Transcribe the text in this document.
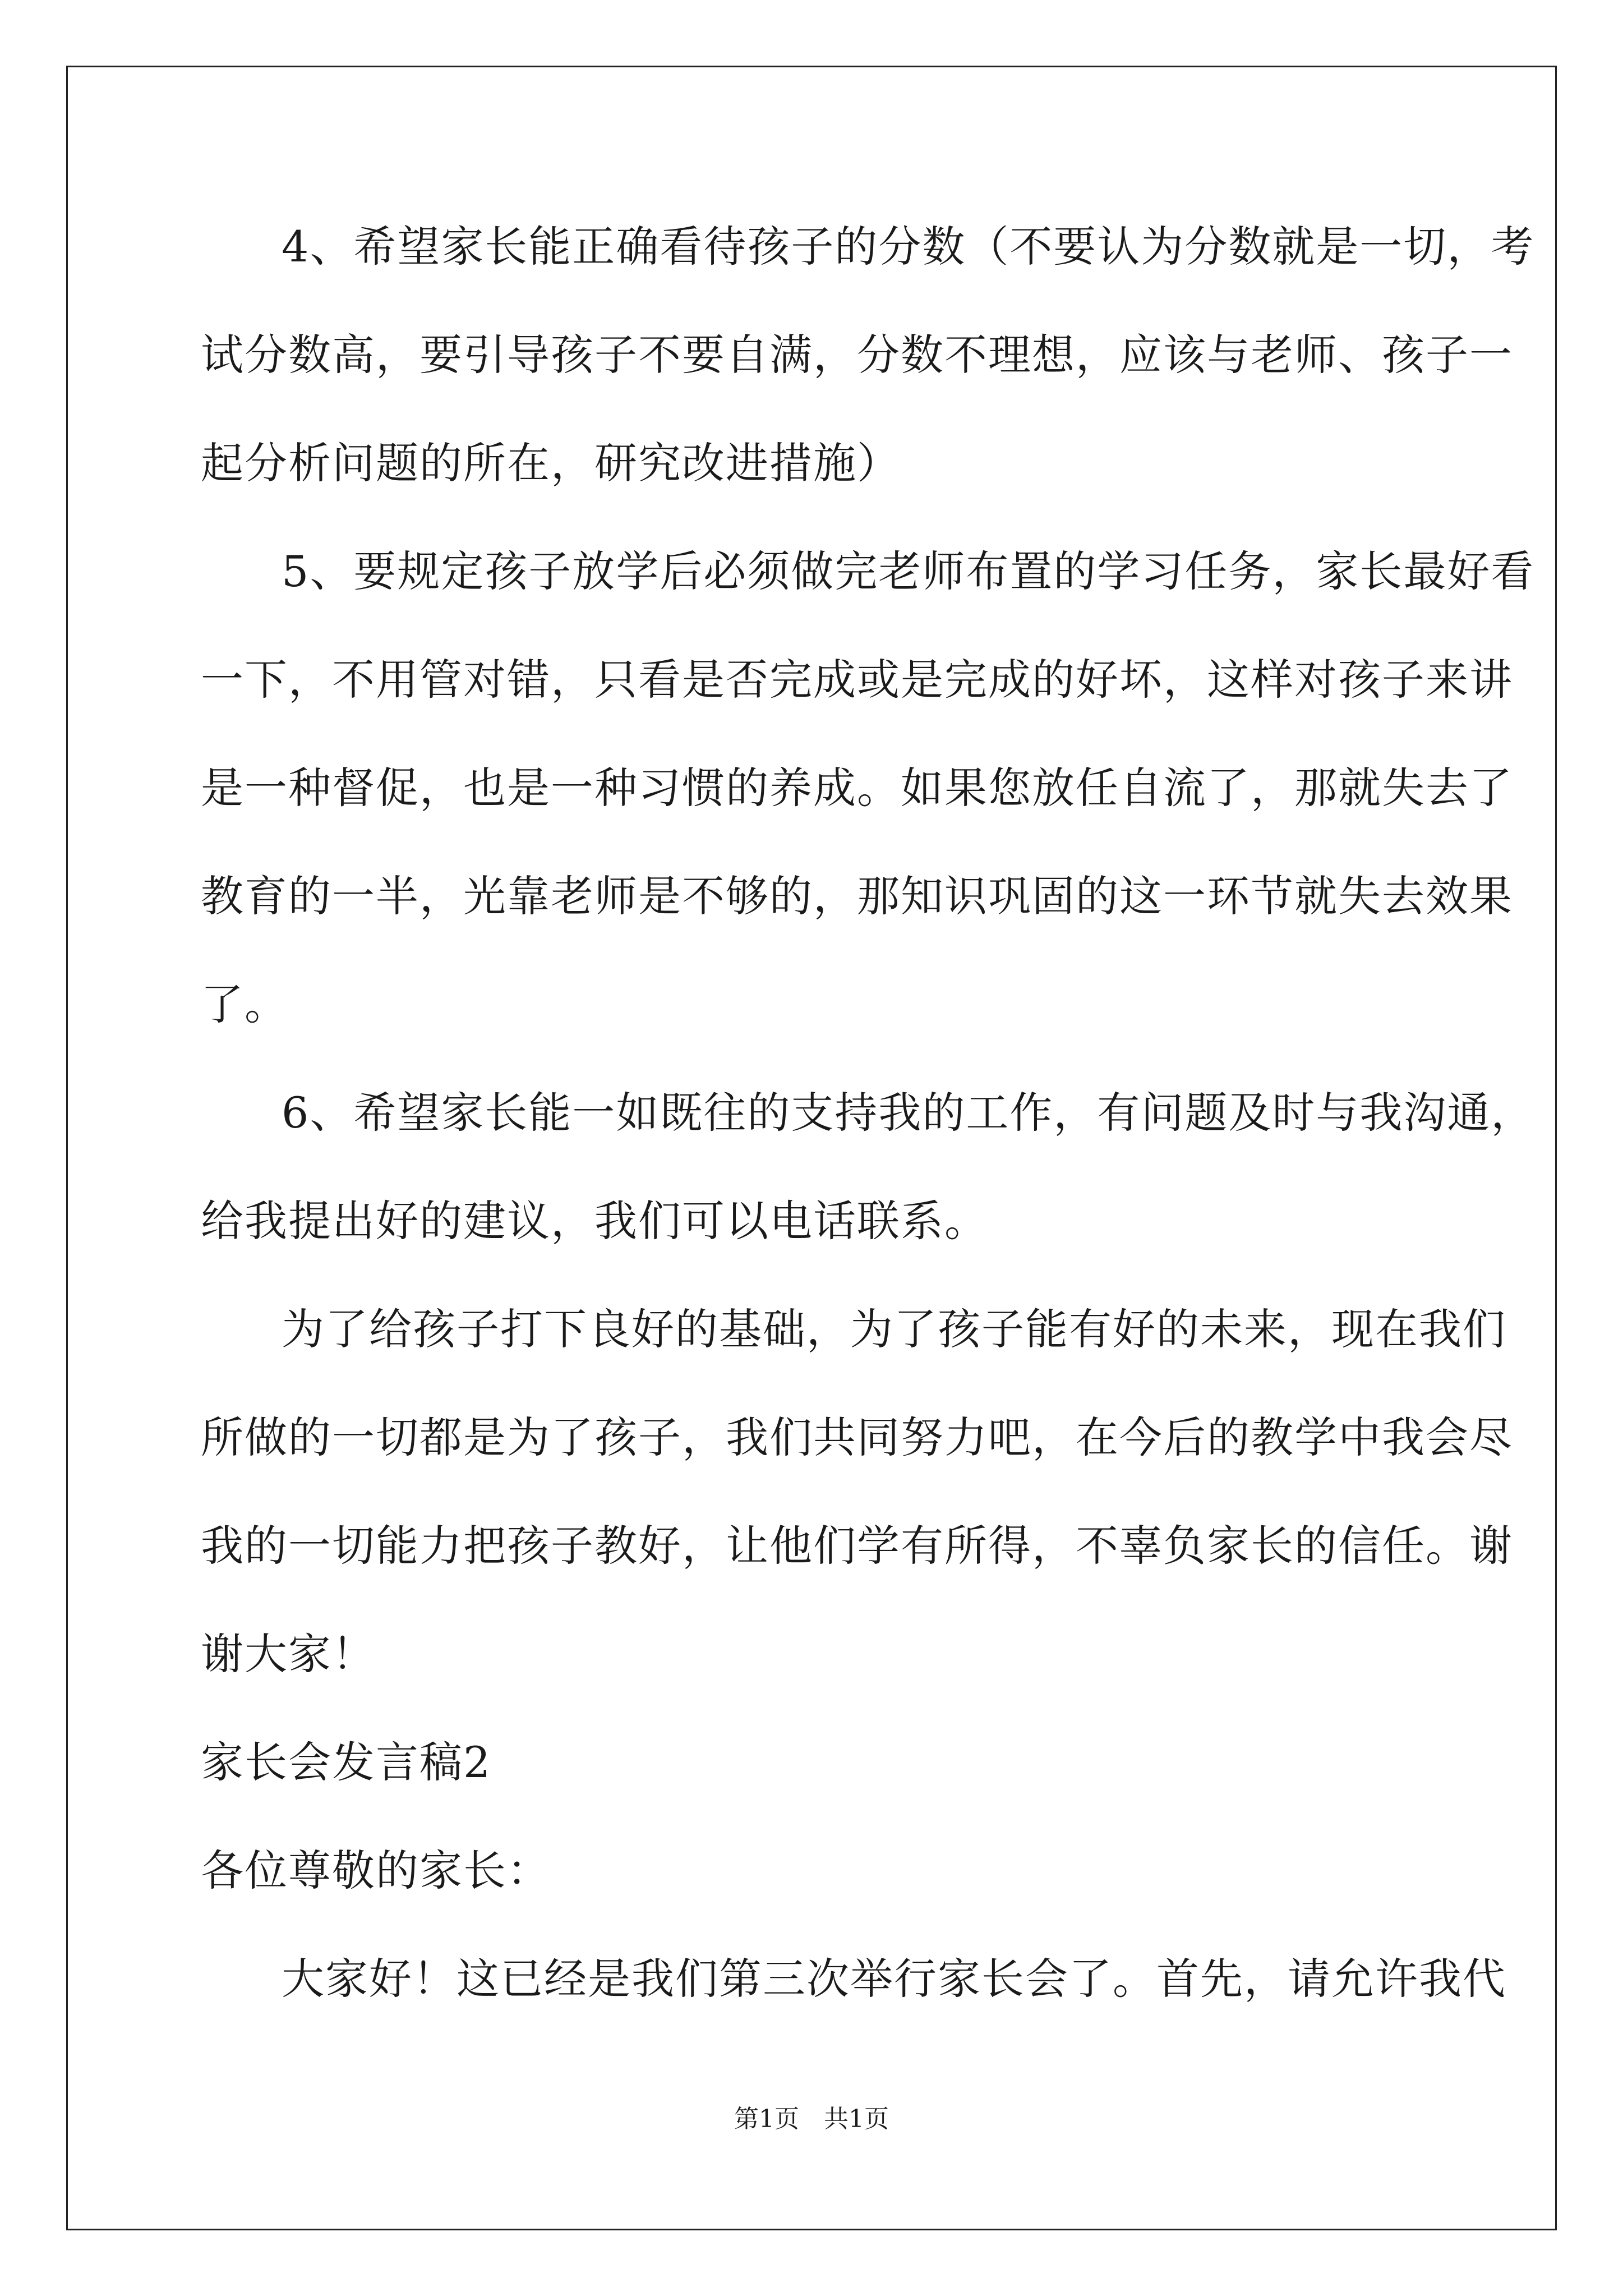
4、希望家长能正确看待孩子的分数（不要认为分数就是一切，考
试分数高，要引导孩子不要自满，分数不理想，应该与老师、孩子一
起分析问题的所在，研究改进措施）
5、要规定孩子放学后必须做完老师布置的学习任务，家长最好看
一下，不用管对错，只看是否完成或是完成的好坏，这样对孩子来讲
是一种督促，也是一种习惯的养成。如果您放任自流了，那就失去了
教育的一半，光靠老师是不够的，那知识巩固的这一环节就失去效果
了。
6、希望家长能一如既往的支持我的工作，有问题及时与我沟通，
给我提出好的建议，我们可以电话联系。
为了给孩子打下良好的基础，为了孩子能有好的未来，现在我们
所做的一切都是为了孩子，我们共同努力吧，在今后的教学中我会尽
我的一切能力把孩子教好，让他们学有所得，不辜负家长的信任。谢
谢大家！
家长会发言稿2
各位尊敬的家长：
大家好！这已经是我们第三次举行家长会了。首先，请允许我代
第1页　共1页
